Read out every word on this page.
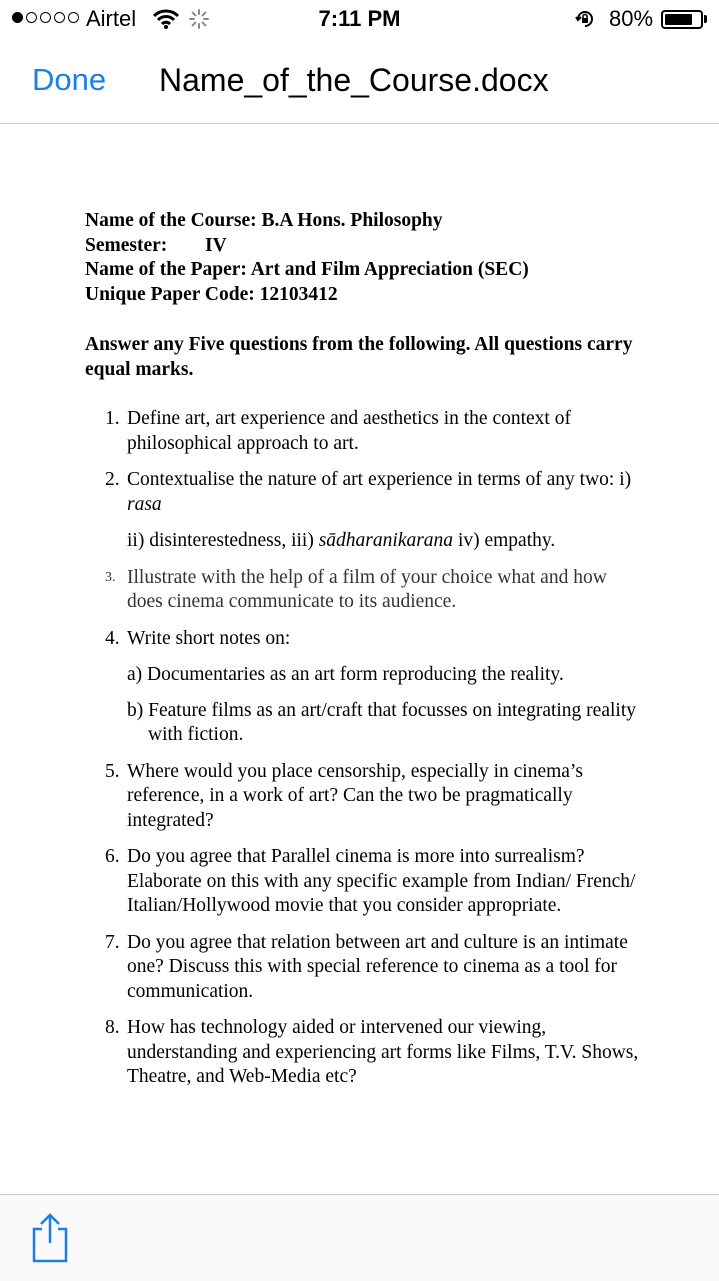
Airtel	7:11 PM	80%
Done Name_of_the_Course.docx
Name of the Course: B.A Hons. Philosophy
Semester: IV
Name of the Paper: Art and Film Appreciation (SEC)
Unique Paper Code: 12103412
Answer any Five questions from the following. All questions carry equal marks.
1. Define art, art experience and aesthetics in the context of philosophical approach to art.
2. Contextualise the nature of art experience in terms of any two: i) rasa
ii) disinterestedness, iii) sādharanikarana iv) empathy.
3. Illustrate with the help of a film of your choice what and how does cinema communicate to its audience.
4. Write short notes on:
a) Documentaries as an art form reproducing the reality.
b) Feature films as an art/craft that focusses on integrating reality with fiction.
5. Where would you place censorship, especially in cinema’s reference, in a work of art? Can the two be pragmatically integrated?
6. Do you agree that Parallel cinema is more into surrealism? Elaborate on this with any specific example from Indian/ French/ Italian/Hollywood movie that you consider appropriate.
7. Do you agree that relation between art and culture is an intimate one? Discuss this with special reference to cinema as a tool for communication.
8. How has technology aided or intervened our viewing, understanding and experiencing art forms like Films, T.V. Shows, Theatre, and Web-Media etc?
